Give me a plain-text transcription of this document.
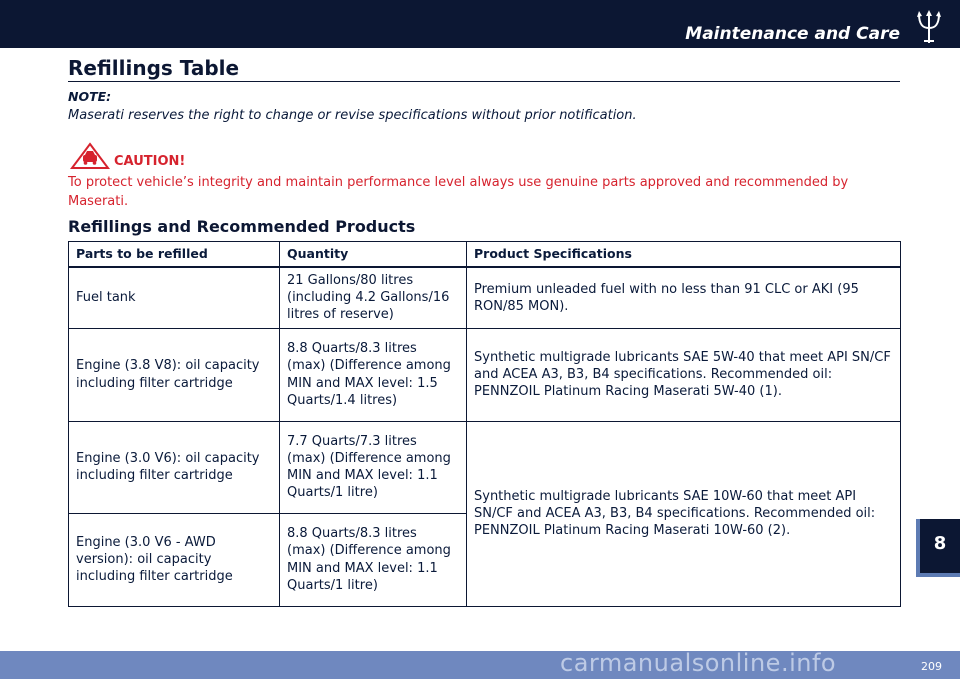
Maintenance and Care
Refillings Table
NOTE:
Maserati reserves the right to change or revise specifications without prior notification.
CAUTION!
To protect vehicle’s integrity and maintain performance level always use genuine parts approved and recommended by Maserati.
Refillings and Recommended Products
Parts to be refilled	Quantity	Product Specifications
Fuel tank	21 Gallons/80 litres (including 4.2 Gallons/16 litres of reserve)	Premium unleaded fuel with no less than 91 CLC or AKI (95 RON/85 MON).
Engine (3.8 V8): oil capacity including filter cartridge	8.8 Quarts/8.3 litres (max) (Difference among MIN and MAX level: 1.5 Quarts/1.4 litres)	Synthetic multigrade lubricants SAE 5W-40 that meet API SN/CF and ACEA A3, B3, B4 specifications. Recommended oil: PENNZOIL Platinum Racing Maserati 5W-40 (1).
Engine (3.0 V6): oil capacity including filter cartridge	7.7 Quarts/7.3 litres (max) (Difference among MIN and MAX level: 1.1 Quarts/1 litre)	Synthetic multigrade lubricants SAE 10W-60 that meet API SN/CF and ACEA A3, B3, B4 specifications. Recommended oil: PENNZOIL Platinum Racing Maserati 10W-60 (2).
Engine (3.0 V6 - AWD version): oil capacity including filter cartridge	8.8 Quarts/8.3 litres (max) (Difference among MIN and MAX level: 1.1 Quarts/1 litre)	
8
carmanualsonline.info	209
